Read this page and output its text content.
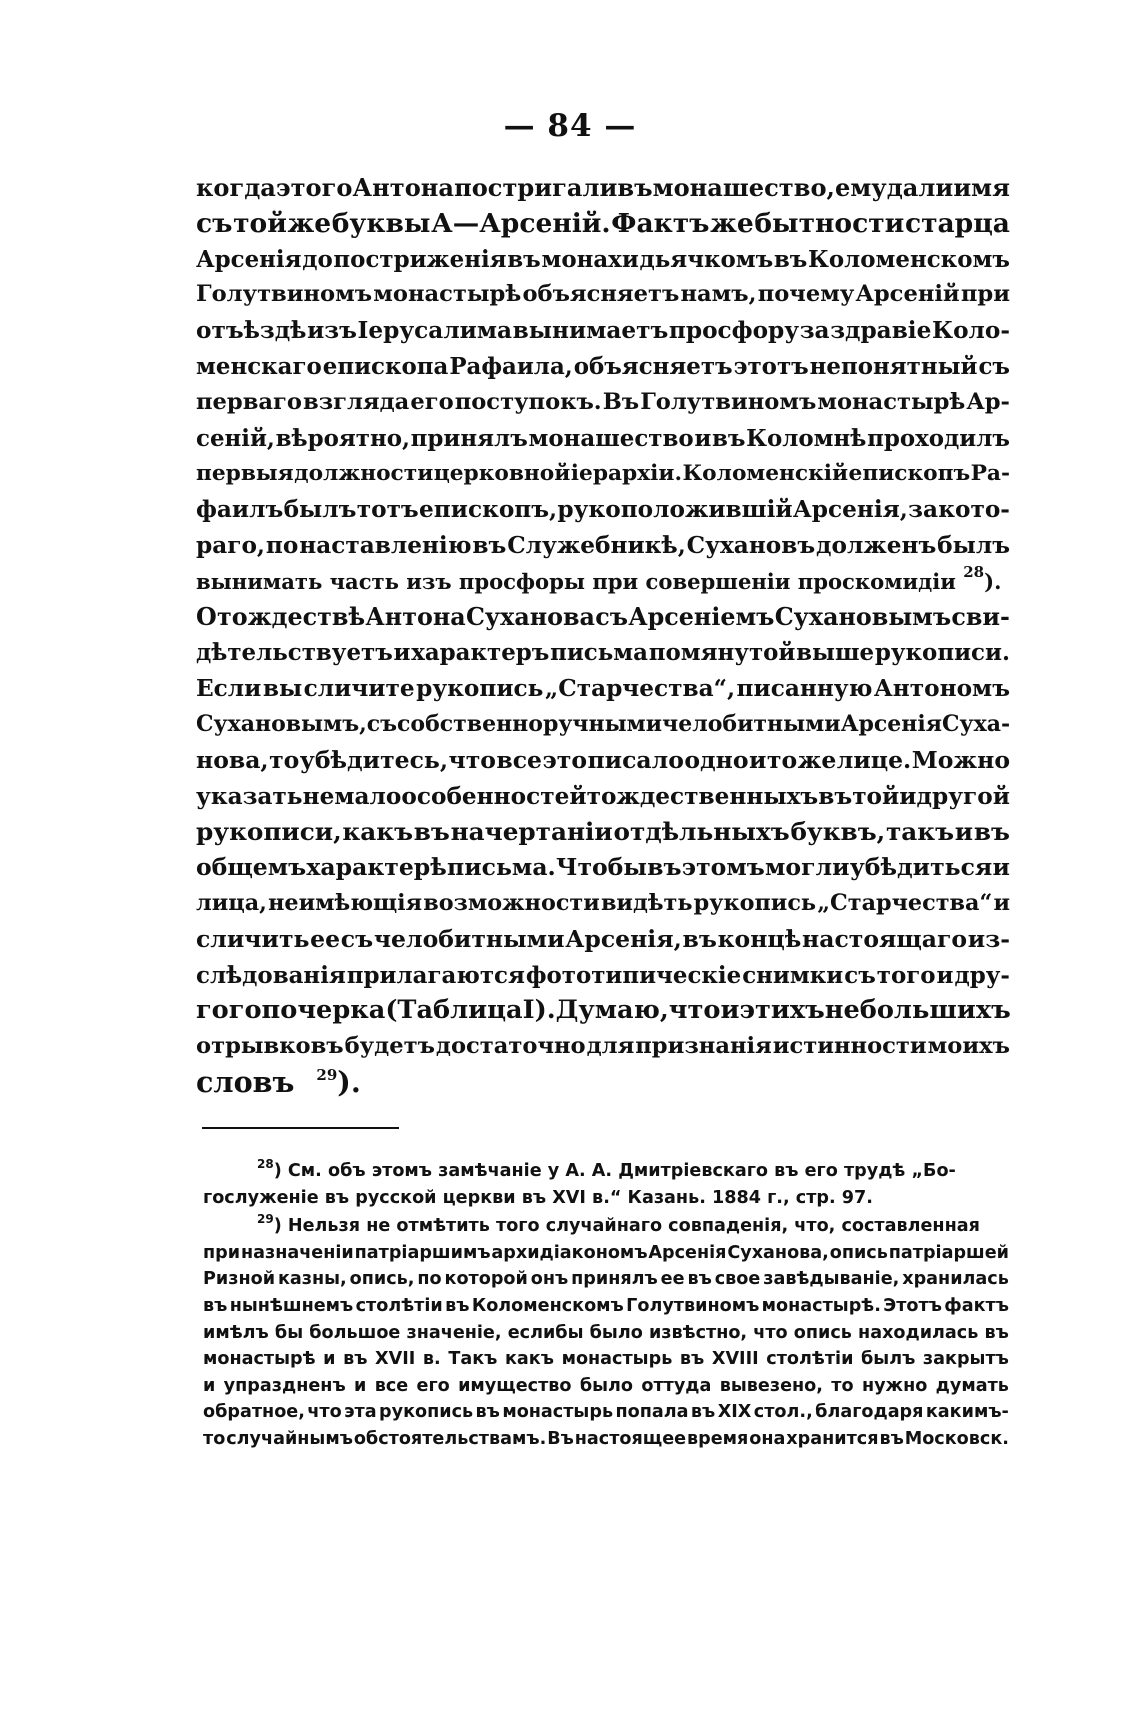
— 84 —
когда этого Антона постригали въ монашество, ему дали имя
съ той же буквы А—Арсеній. Фактъ же бытности старца
Арсенія до постриженія въ монахи дьячкомъ въ Коломенскомъ
Голутвиномъ монастырѣ объясняетъ намъ, почему Арсеній при
отъѣздѣ изъ Іерусалима вынимаетъ просфору за здравіе Коло-
менскаго епископа Рафаила, объясняетъ этотъ непонятный съ
перваго взгляда его поступокъ. Въ Голутвиномъ монастырѣ Ар-
сеній, вѣроятно, принялъ монашество и въ Коломнѣ проходилъ
первыя должности церковной іерархіи. Коломенскій епископъ Ра-
фаилъ былъ тотъ епископъ, рукоположившій Арсенія, за кото-
раго, по наставленію въ Служебникѣ, Сухановъ долженъ былъ
вынимать часть изъ просфоры при совершеніи проскомидіи $^{28}$).
О тождествѣ Антона Суханова съ Арсеніемъ Сухановымъ сви-
дѣтельствуетъ и характеръ письма помянутой выше рукописи.
Если вы сличите рукопись „Старчества“, писанную Антономъ
Сухановымъ, съ собственноручными челобитными Арсенія Суха-
нова, то убѣдитесь, что все это писало одно и то же лице. Можно
указать не мало особенностей тождественныхъ въ той и другой
рукописи, какъ въ начертаніи отдѣльныхъ буквъ, такъ и въ
общемъ характерѣ письма. Чтобы въ этомъ могли убѣдиться и
лица, неимѣющія возможности видѣть рукопись „Старчества“ и
сличить ее съ челобитными Арсенія, въ концѣ настоящаго из-
слѣдованія прилагаются фототипическіе снимки съ того и дру-
гого почерка (Таблица І). Думаю, что и этихъ небольшихъ
отрывковъ будетъ достаточно для признанія истинности моихъ
словъ $^{29}$).
$^{28}$) См. объ этомъ замѣчаніе у А. А. Дмитріевскаго въ его трудѣ „Бо-
гослуженіе въ русской церкви въ XVI в.“ Казань. 1884 г., стр. 97.
$^{29}$) Нельзя не отмѣтить того случайнаго совпаденія, что, составленная
при назначеніи патріаршимъ архидіакономъ Арсенія Суханова, опись патріаршей
Ризной казны, опись, по которой онъ принялъ ее въ свое завѣдываніе, хранилась
въ нынѣшнемъ столѣтіи въ Коломенскомъ Голутвиномъ монастырѣ. Этотъ фактъ
имѣлъ бы большое значеніе, еслибы было извѣстно, что опись находилась въ
монастырѣ и въ XVII в. Такъ какъ монастырь въ XVIII столѣтіи былъ закрытъ
и упраздненъ и все его имущество было оттуда вывезено, то нужно думать
обратное, что эта рукопись въ монастырь попала въ XIX стол., благодаря какимъ-
то случайнымъ обстоятельствамъ. Въ настоящее время она хранится въ Московск.
